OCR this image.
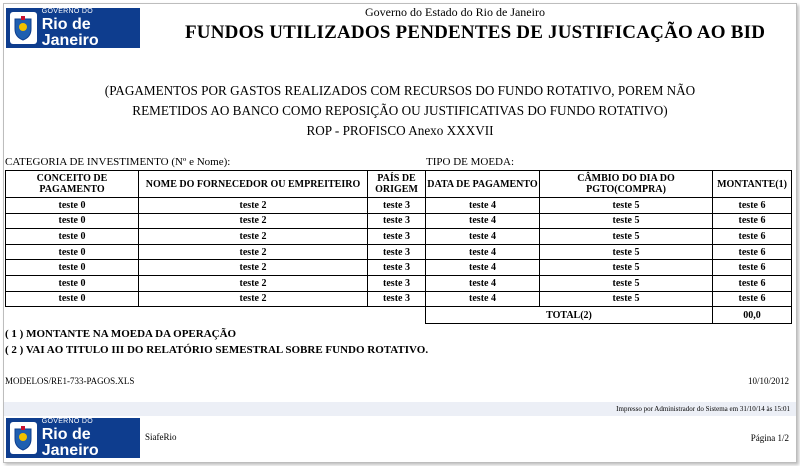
GOVERNO DO
Rio de Janeiro
Governo do Estado do Rio de Janeiro
FUNDOS UTILIZADOS PENDENTES DE JUSTIFICAÇÃO AO BID
(PAGAMENTOS POR GASTOS REALIZADOS COM RECURSOS DO FUNDO ROTATIVO, POREM NÃO
REMETIDOS AO BANCO COMO REPOSIÇÃO OU JUSTIFICATIVAS DO FUNDO ROTATIVO)
ROP - PROFISCO Anexo XXXVII
CATEGORIA DE INVESTIMENTO (Nº e Nome):	TIPO DE MOEDA:
CONCEITO DE PAGAMENTO	NOME DO FORNECEDOR OU EMPREITEIRO	PAÍS DE ORIGEM	DATA DE PAGAMENTO	CÂMBIO DO DIA DO PGTO(COMPRA)	MONTANTE(1)
teste 0	teste 2	teste 3	teste 4	teste 5	teste 6
teste 0	teste 2	teste 3	teste 4	teste 5	teste 6
teste 0	teste 2	teste 3	teste 4	teste 5	teste 6
teste 0	teste 2	teste 3	teste 4	teste 5	teste 6
teste 0	teste 2	teste 3	teste 4	teste 5	teste 6
teste 0	teste 2	teste 3	teste 4	teste 5	teste 6
teste 0	teste 2	teste 3	teste 4	teste 5	teste 6
			TOTAL(2)		00,0
( 1 ) MONTANTE NA MOEDA DA OPERAÇÃO
( 2 ) VAI AO TITULO III DO RELATÓRIO SEMESTRAL SOBRE FUNDO ROTATIVO.
MODELOS/RE1-733-PAGOS.XLS	10/10/2012
Impresso por Administrador do Sistema em 31/10/14 às 15:01
GOVERNO DO
Rio de Janeiro
SiafeRio	Página 1/2
